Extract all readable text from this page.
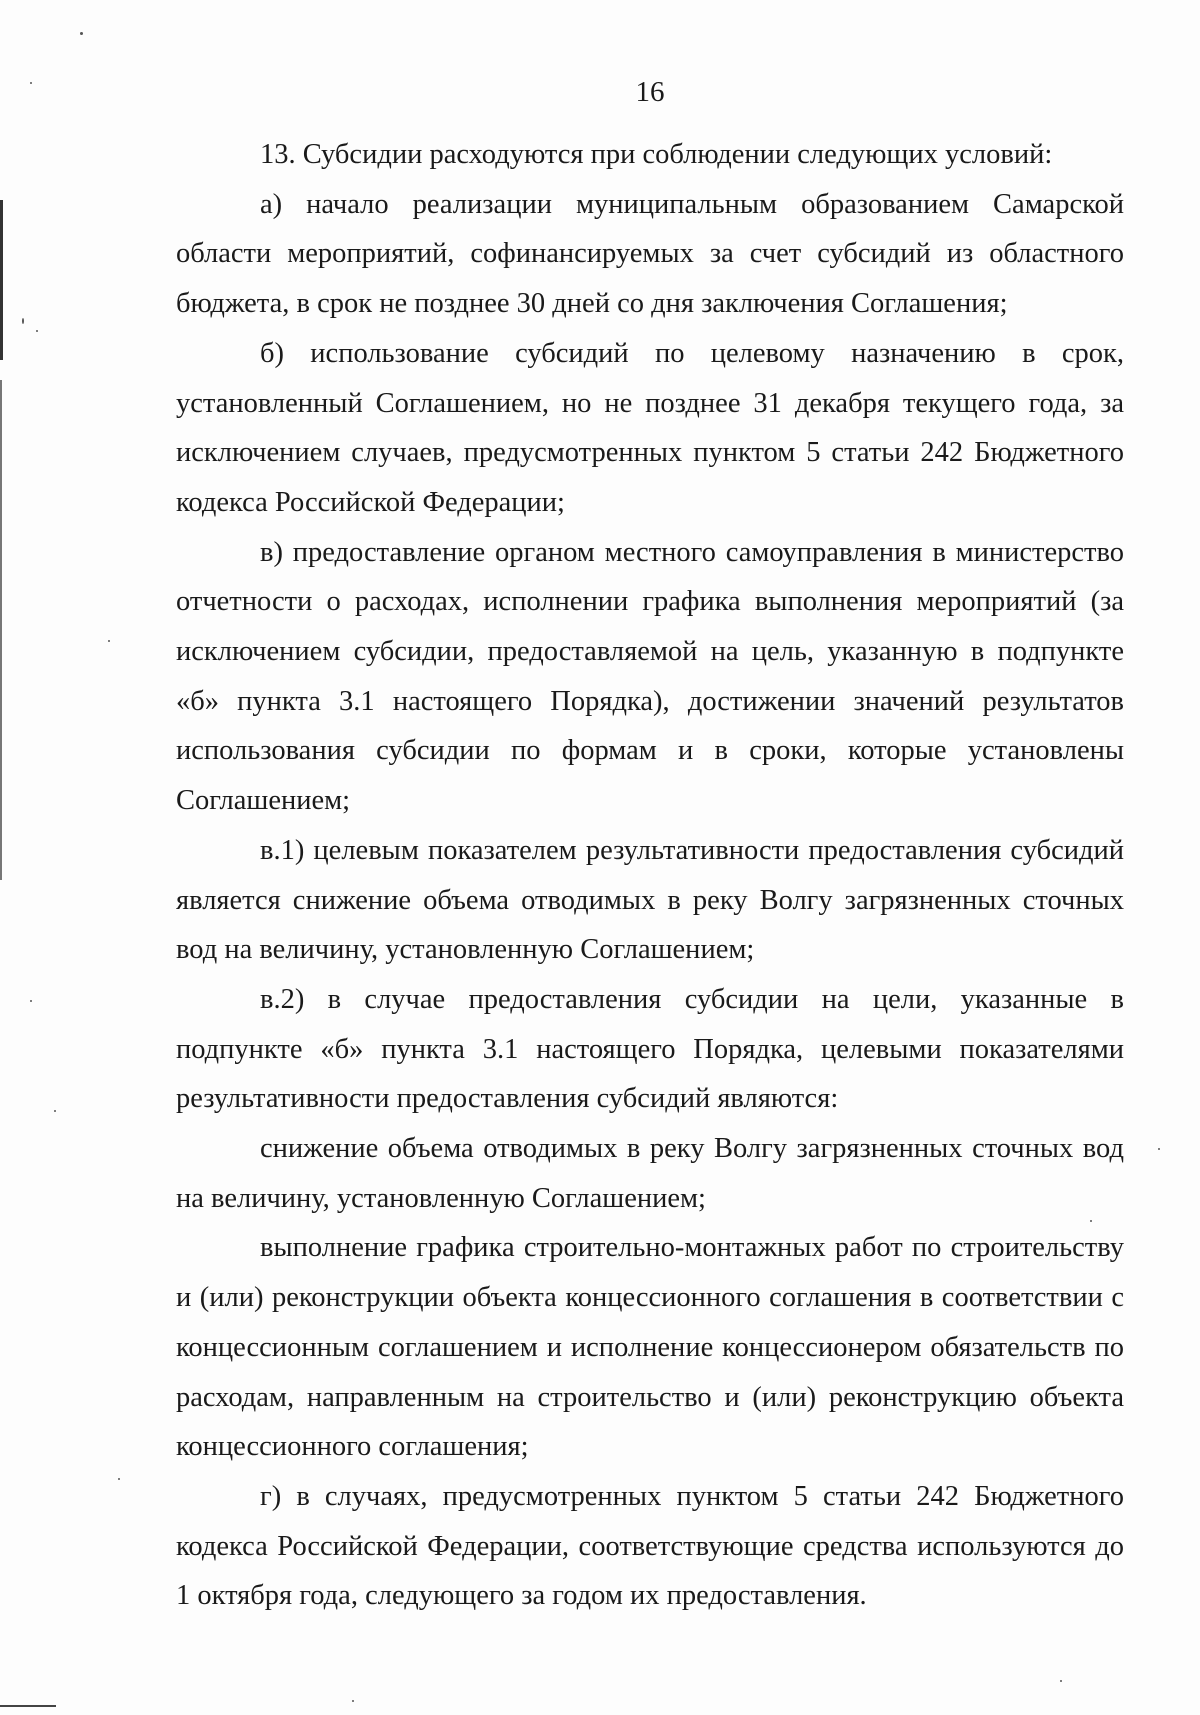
16

13. Субсидии расходуются при соблюдении следующих условий:

а) начало реализации муниципальным образованием Самарской области мероприятий, софинансируемых за счет субсидий из областного бюджета, в срок не позднее 30 дней со дня заключения Соглашения;

б) использование субсидий по целевому назначению в срок, установленный Соглашением, но не позднее 31 декабря текущего года, за исключением случаев, предусмотренных пунктом 5 статьи 242 Бюджетного кодекса Российской Федерации;

в) предоставление органом местного самоуправления в министерство отчетности о расходах, исполнении графика выполнения мероприятий (за исключением субсидии, предоставляемой на цель, указанную в подпункте «б» пункта 3.1 настоящего Порядка), достижении значений результатов использования субсидии по формам и в сроки, которые установлены Соглашением;

в.1) целевым показателем результативности предоставления субсидий является снижение объема отводимых в реку Волгу загрязненных сточных вод на величину, установленную Соглашением;

в.2) в случае предоставления субсидии на цели, указанные в подпункте «б» пункта 3.1 настоящего Порядка, целевыми показателями результативности предоставления субсидий являются:

снижение объема отводимых в реку Волгу загрязненных сточных вод на величину, установленную Соглашением;

выполнение графика строительно-монтажных работ по строительству и (или) реконструкции объекта концессионного соглашения в соответствии с концессионным соглашением и исполнение концессионером обязательств по расходам, направленным на строительство и (или) реконструкцию объекта концессионного соглашения;

г) в случаях, предусмотренных пунктом 5 статьи 242 Бюджетного кодекса Российской Федерации, соответствующие средства используются до 1 октября года, следующего за годом их предоставления.
